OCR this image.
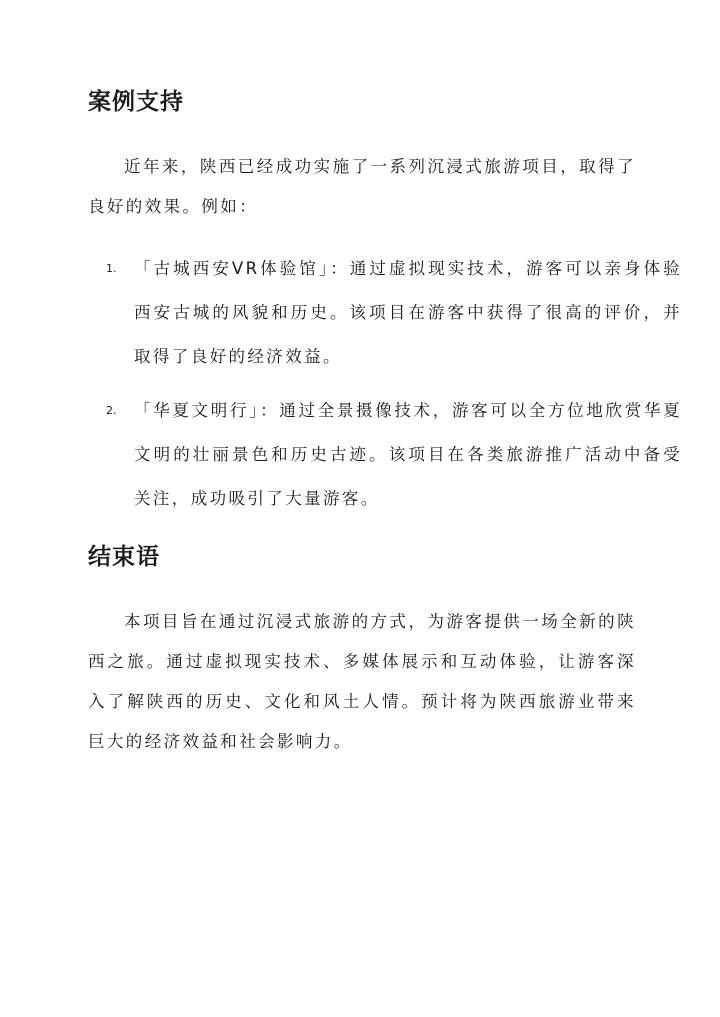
案例支持

近年来，陕西已经成功实施了一系列沉浸式旅游项目，取得了良好的效果。例如：

1. 「古城西安VR体验馆」：通过虚拟现实技术，游客可以亲身体验西安古城的风貌和历史。该项目在游客中获得了很高的评价，并取得了良好的经济效益。
2. 「华夏文明行」：通过全景摄像技术，游客可以全方位地欣赏华夏文明的壮丽景色和历史古迹。该项目在各类旅游推广活动中备受关注，成功吸引了大量游客。
结束语

本项目旨在通过沉浸式旅游的方式，为游客提供一场全新的陕西之旅。通过虚拟现实技术、多媒体展示和互动体验，让游客深入了解陕西的历史、文化和风土人情。预计将为陕西旅游业带来巨大的经济效益和社会影响力。
